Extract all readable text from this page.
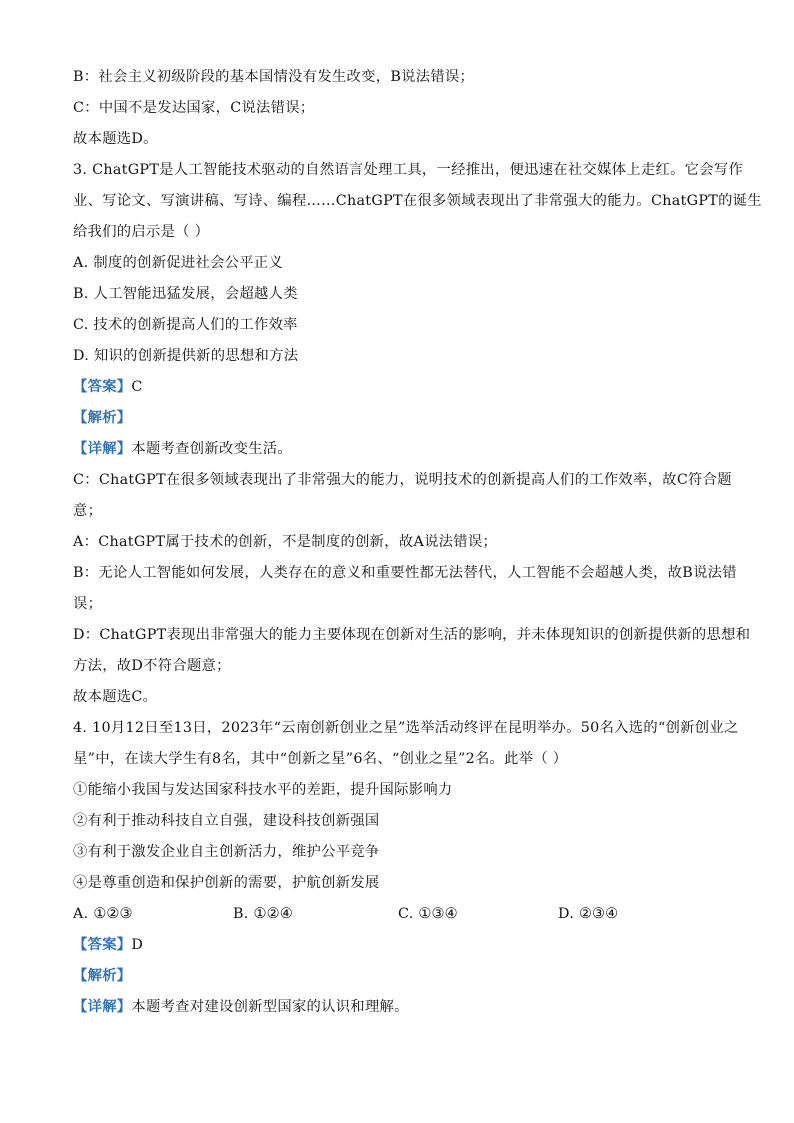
B：社会主义初级阶段的基本国情没有发生改变，B说法错误；
C：中国不是发达国家，C说法错误；
故本题选D。
3. ChatGPT是人工智能技术驱动的自然语言处理工具，一经推出，便迅速在社交媒体上走红。它会写作
业、写论文、写演讲稿、写诗、编程……ChatGPT在很多领域表现出了非常强大的能力。ChatGPT的诞生
给我们的启示是（ ）
A. 制度的创新促进社会公平正义
B. 人工智能迅猛发展，会超越人类
C. 技术的创新提高人们的工作效率
D. 知识的创新提供新的思想和方法
【答案】C
【解析】
【详解】本题考查创新改变生活。
C：ChatGPT在很多领域表现出了非常强大的能力，说明技术的创新提高人们的工作效率，故C符合题
意；
A：ChatGPT属于技术的创新，不是制度的创新，故A说法错误；
B：无论人工智能如何发展，人类存在的意义和重要性都无法替代，人工智能不会超越人类，故B说法错
误；
D：ChatGPT表现出非常强大的能力主要体现在创新对生活的影响，并未体现知识的创新提供新的思想和
方法，故D不符合题意；
故本题选C。
4. 10月12日至13日，2023年“云南创新创业之星”选举活动终评在昆明举办。50名入选的“创新创业之
星”中，在读大学生有8名，其中“创新之星”6名、“创业之星”2名。此举（ ）
①能缩小我国与发达国家科技水平的差距，提升国际影响力
②有利于推动科技自立自强，建设科技创新强国
③有利于激发企业自主创新活力，维护公平竞争
④是尊重创造和保护创新的需要，护航创新发展
A. ①②③	B. ①②④	C. ①③④	D. ②③④
【答案】D
【解析】
【详解】本题考查对建设创新型国家的认识和理解。
